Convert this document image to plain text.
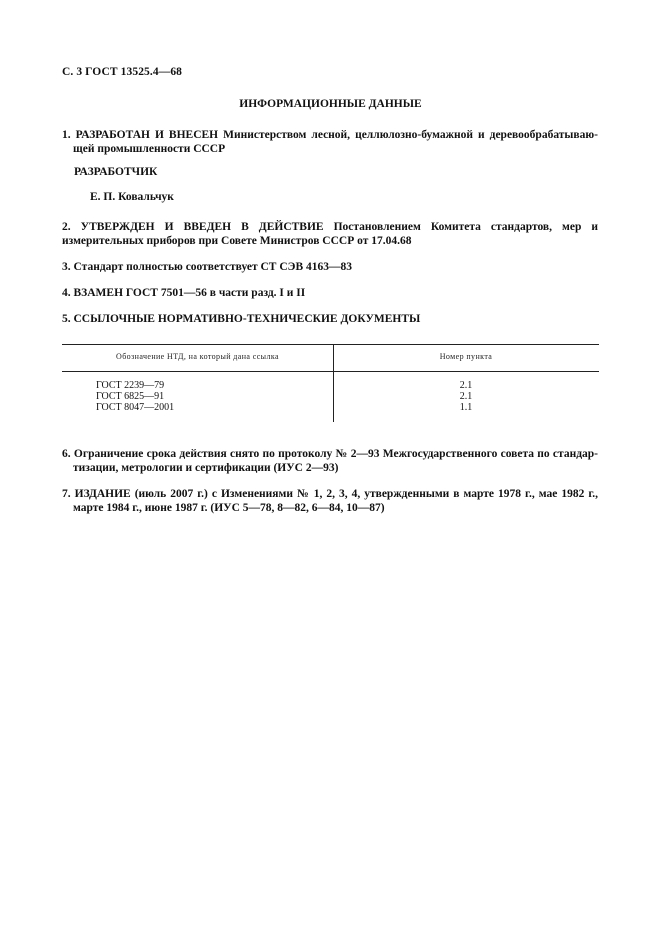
С. 3 ГОСТ 13525.4—68
ИНФОРМАЦИОННЫЕ ДАННЫЕ
1. РАЗРАБОТАН И ВНЕСЕН Министерством лесной, целлюлозно-бумажной и деревообрабатываю-
щей промышленности СССР
РАЗРАБОТЧИК
Е. П. Ковальчук
2. УТВЕРЖДЕН И ВВЕДЕН В ДЕЙСТВИЕ Постановлением Комитета стандартов, мер и
измерительных приборов при Совете Министров СССР от 17.04.68
3. Стандарт полностью соответствует СТ СЭВ 4163—83
4. ВЗАМЕН ГОСТ 7501—56 в части разд. I и II
5. ССЫЛОЧНЫЕ НОРМАТИВНО-ТЕХНИЧЕСКИЕ ДОКУМЕНТЫ
Обозначение НТД, на который дана ссылка	Номер пункта
ГОСТ 2239—79
ГОСТ 6825—91
ГОСТ 8047—2001
2.1
2.1
1.1
6. Ограничение срока действия снято по протоколу № 2—93 Межгосударственного совета по стандар-
тизации, метрологии и сертификации (ИУС 2—93)
7. ИЗДАНИЕ (июль 2007 г.) с Изменениями № 1, 2, 3, 4, утвержденными в марте 1978 г., мае 1982 г.,
марте 1984 г., июне 1987 г. (ИУС 5—78, 8—82, 6—84, 10—87)
